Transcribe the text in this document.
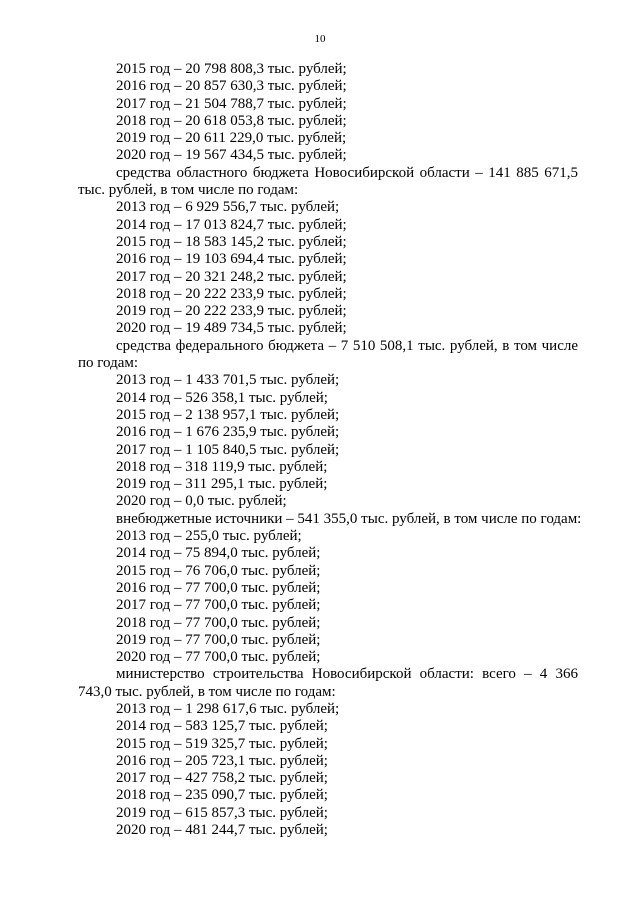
10
2015 год – 20 798 808,3 тыс. рублей;
2016 год – 20 857 630,3 тыс. рублей;
2017 год – 21 504 788,7 тыс. рублей;
2018 год – 20 618 053,8 тыс. рублей;
2019 год – 20 611 229,0 тыс. рублей;
2020 год – 19 567 434,5 тыс. рублей;
средства областного бюджета Новосибирской области – 141 885 671,5 тыс. рублей, в том числе по годам:
2013 год – 6 929 556,7 тыс. рублей;
2014 год – 17 013 824,7 тыс. рублей;
2015 год – 18 583 145,2 тыс. рублей;
2016 год – 19 103 694,4 тыс. рублей;
2017 год – 20 321 248,2 тыс. рублей;
2018 год – 20 222 233,9 тыс. рублей;
2019 год – 20 222 233,9 тыс. рублей;
2020 год – 19 489 734,5 тыс. рублей;
средства федерального бюджета – 7 510 508,1 тыс. рублей, в том числе по годам:
2013 год – 1 433 701,5 тыс. рублей;
2014 год – 526 358,1 тыс. рублей;
2015 год – 2 138 957,1 тыс. рублей;
2016 год – 1 676 235,9 тыс. рублей;
2017 год – 1 105 840,5 тыс. рублей;
2018 год – 318 119,9 тыс. рублей;
2019 год – 311 295,1 тыс. рублей;
2020 год – 0,0 тыс. рублей;
внебюджетные источники – 541 355,0 тыс. рублей, в том числе по годам:
2013 год – 255,0 тыс. рублей;
2014 год – 75 894,0 тыс. рублей;
2015 год – 76 706,0 тыс. рублей;
2016 год – 77 700,0 тыс. рублей;
2017 год – 77 700,0 тыс. рублей;
2018 год – 77 700,0 тыс. рублей;
2019 год – 77 700,0 тыс. рублей;
2020 год – 77 700,0 тыс. рублей;
министерство строительства Новосибирской области: всего – 4 366 743,0 тыс. рублей, в том числе по годам:
2013 год – 1 298 617,6 тыс. рублей;
2014 год – 583 125,7 тыс. рублей;
2015 год – 519 325,7 тыс. рублей;
2016 год – 205 723,1 тыс. рублей;
2017 год – 427 758,2 тыс. рублей;
2018 год – 235 090,7 тыс. рублей;
2019 год – 615 857,3 тыс. рублей;
2020 год – 481 244,7 тыс. рублей;
